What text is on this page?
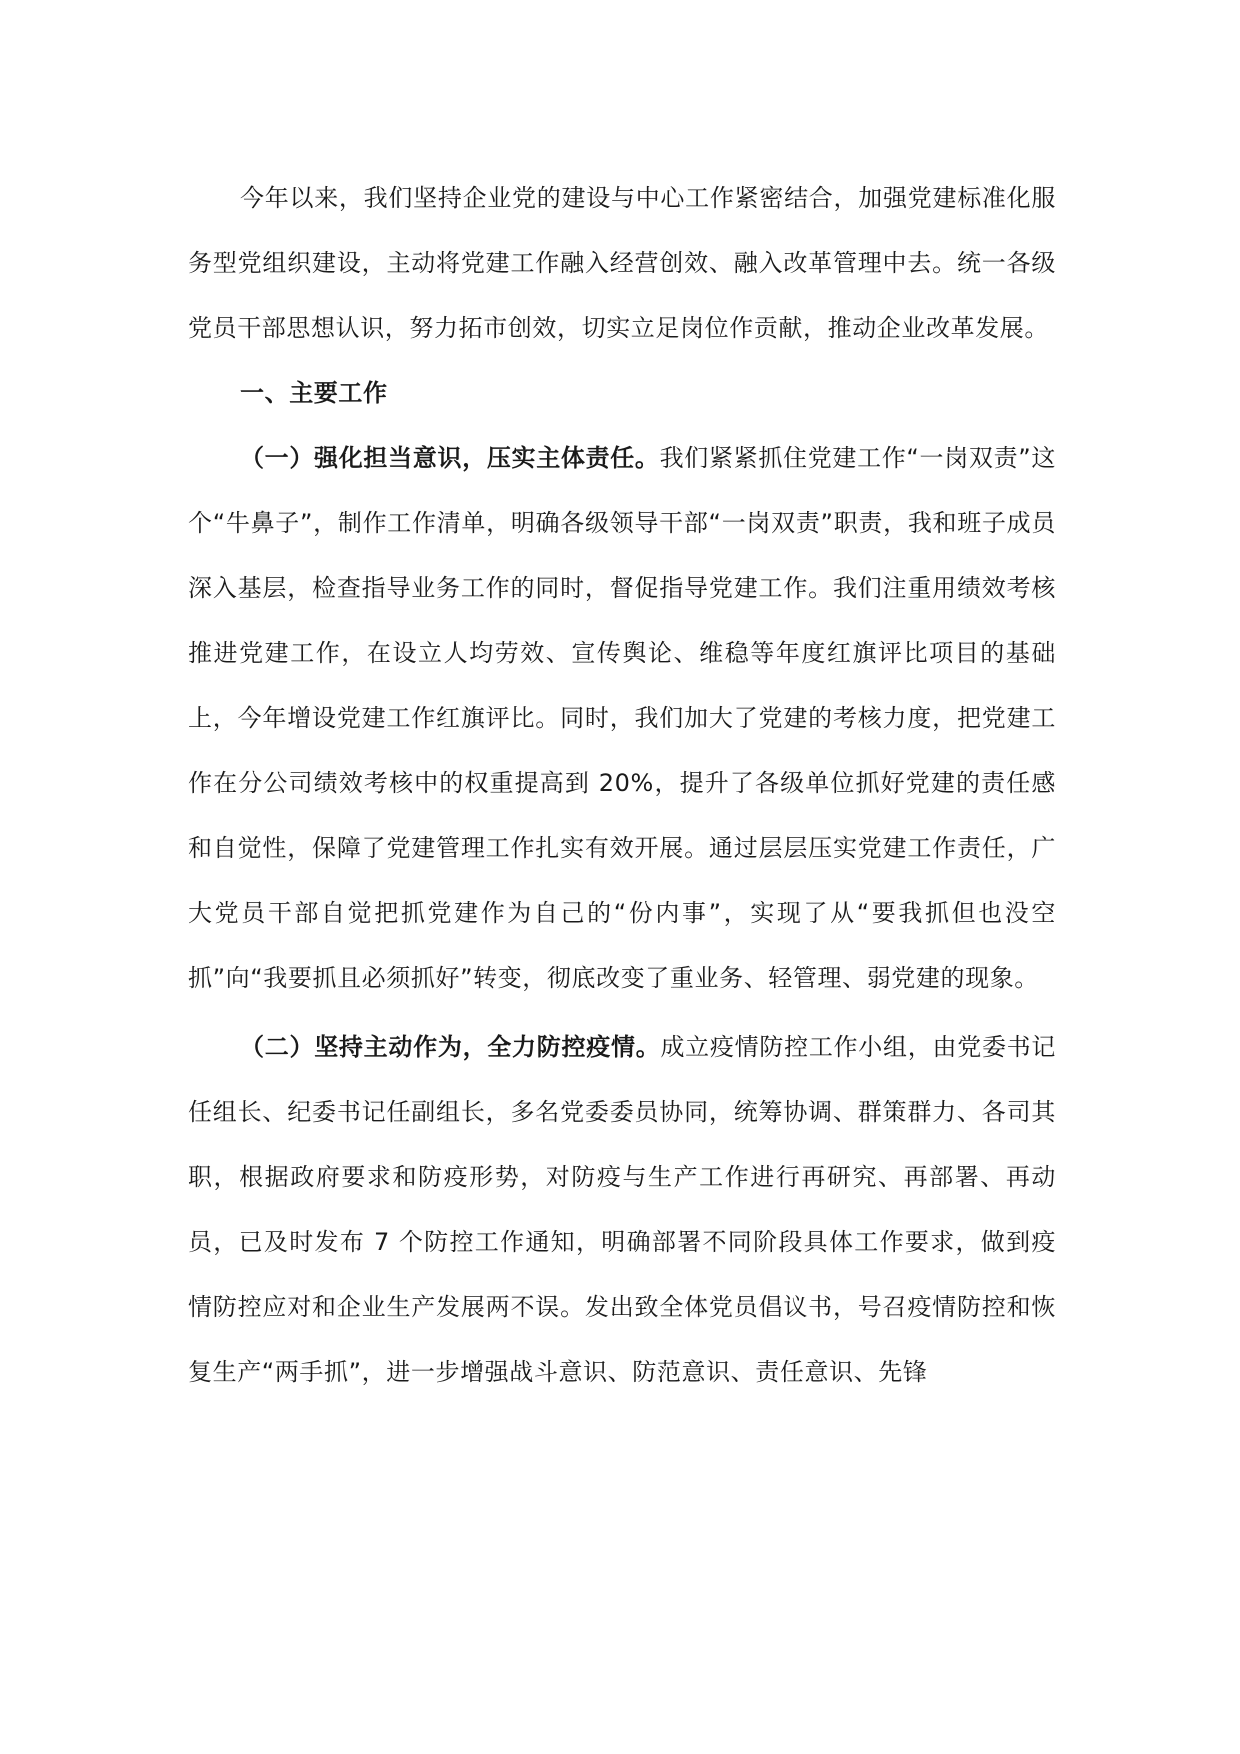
今年以来，我们坚持企业党的建设与中心工作紧密结合，加强党建标准化服务型党组织建设，主动将党建工作融入经营创效、融入改革管理中去。统一各级党员干部思想认识，努力拓市创效，切实立足岗位作贡献，推动企业改革发展。

一、主要工作

（一）强化担当意识，压实主体责任。我们紧紧抓住党建工作“一岗双责”这个“牛鼻子”，制作工作清单，明确各级领导干部“一岗双责”职责，我和班子成员深入基层，检查指导业务工作的同时，督促指导党建工作。我们注重用绩效考核推进党建工作，在设立人均劳效、宣传舆论、维稳等年度红旗评比项目的基础上，今年增设党建工作红旗评比。同时，我们加大了党建的考核力度，把党建工作在分公司绩效考核中的权重提高到 20%，提升了各级单位抓好党建的责任感和自觉性，保障了党建管理工作扎实有效开展。通过层层压实党建工作责任，广大党员干部自觉把抓党建作为自己的“份内事”，实现了从“要我抓但也没空抓”向“我要抓且必须抓好”转变，彻底改变了重业务、轻管理、弱党建的现象。

（二）坚持主动作为，全力防控疫情。成立疫情防控工作小组，由党委书记任组长、纪委书记任副组长，多名党委委员协同，统筹协调、群策群力、各司其职，根据政府要求和防疫形势，对防疫与生产工作进行再研究、再部署、再动员，已及时发布 7 个防控工作通知，明确部署不同阶段具体工作要求，做到疫情防控应对和企业生产发展两不误。发出致全体党员倡议书，号召疫情防控和恢复生产“两手抓”，进一步增强战斗意识、防范意识、责任意识、先锋
